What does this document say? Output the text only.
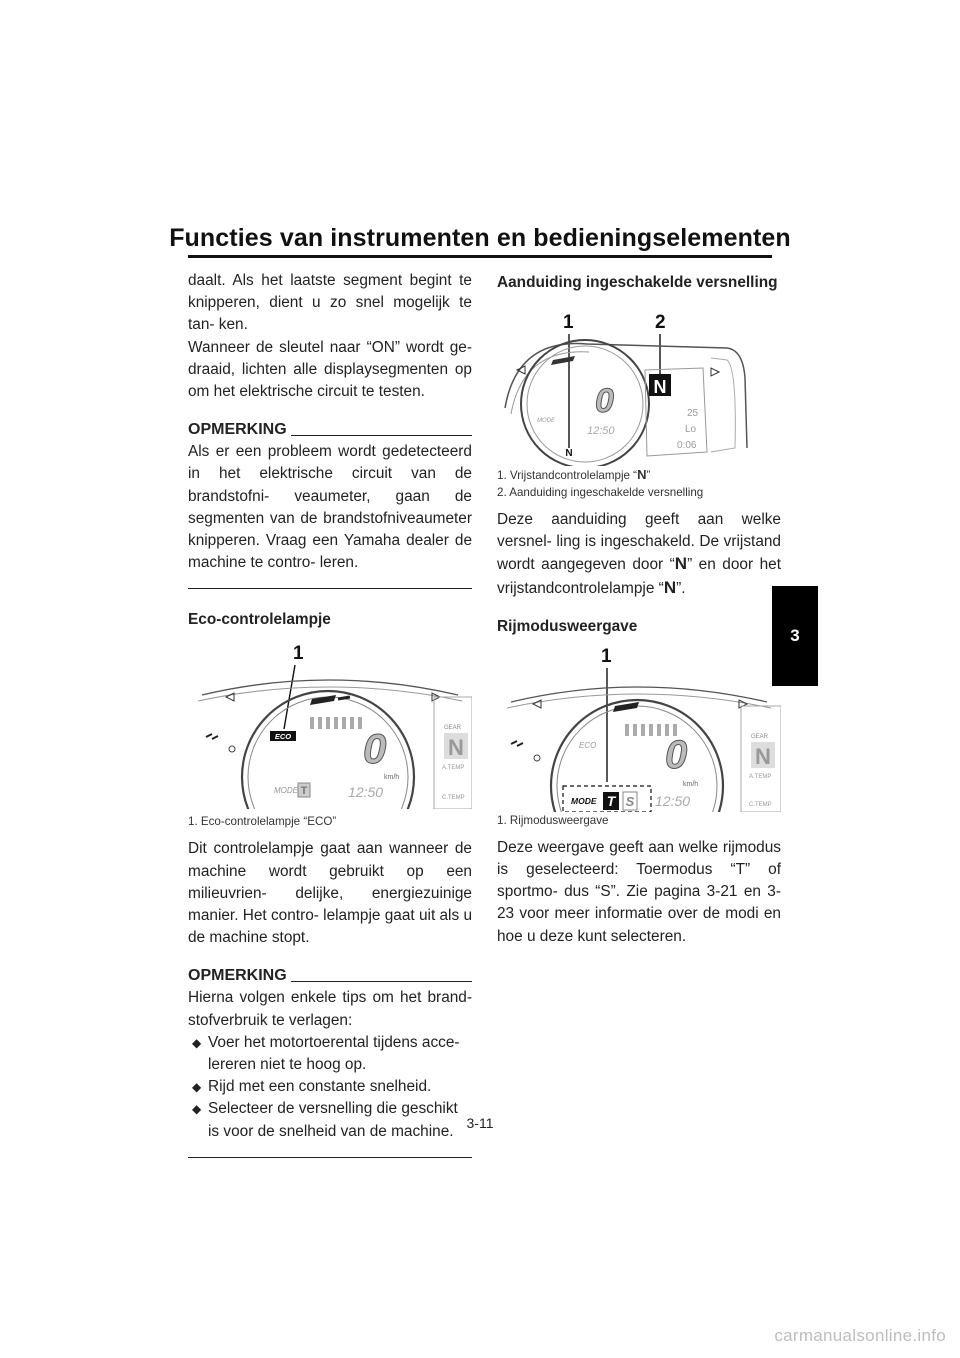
Functies van instrumenten en bedieningselementen
3

daalt. Als het laatste segment begint te knipperen, dient u zo snel mogelijk te tan- ken.

Wanneer de sleutel naar “ON” wordt ge- draaid, lichten alle displaysegmenten op om het elektrische circuit te testen.

OPMERKING

Als er een probleem wordt gedetecteerd in het elektrische circuit van de brandstofni- veaumeter, gaan de segmenten van de brandstofniveaumeter knipperen. Vraag een Yamaha dealer de machine te contro- leren.

Eco-controlelampje

1
ECO 0
km/h
MODE T	12:50
GEAR
N
A.TEMP
C.TEMP

1. Eco-controlelampje “ECO”

Dit controlelampje gaat aan wanneer de machine wordt gebruikt op een milieuvrien- delijke, energiezuinige manier. Het contro- lelampje gaat uit als u de machine stopt.

OPMERKING

Hierna volgen enkele tips om het brand- stofverbruik te verlagen:

◆ Voer het motortoerental tijdens acce- lereren niet te hoog op.
◆ Rijd met een constante snelheid.
◆ Selecteer de versnelling die geschikt is voor de snelheid van de machine.

Aanduiding ingeschakelde versnelling

1	2
0
MODE
12:50
N
N
25
Lo
0:06

1. Vrijstandcontrolelampje “N”

2. Aanduiding ingeschakelde versnelling

Deze aanduiding geeft aan welke versnel- ling is ingeschakeld. De vrijstand wordt aangegeven door “N” en door het vrijstandcontrolelampje “N”.

Rijmodusweergave

1
ECO 0
km/h
MODE T S 12:50
GEAR
N
A.TEMP
C.TEMP

1. Rijmodusweergave

Deze weergave geeft aan welke rijmodus is geselecteerd: Toermodus “T” of sportmo- dus “S”. Zie pagina 3-21 en 3-23 voor meer informatie over de modi en hoe u deze kunt selecteren.

3-11
carmanualsonline.info
